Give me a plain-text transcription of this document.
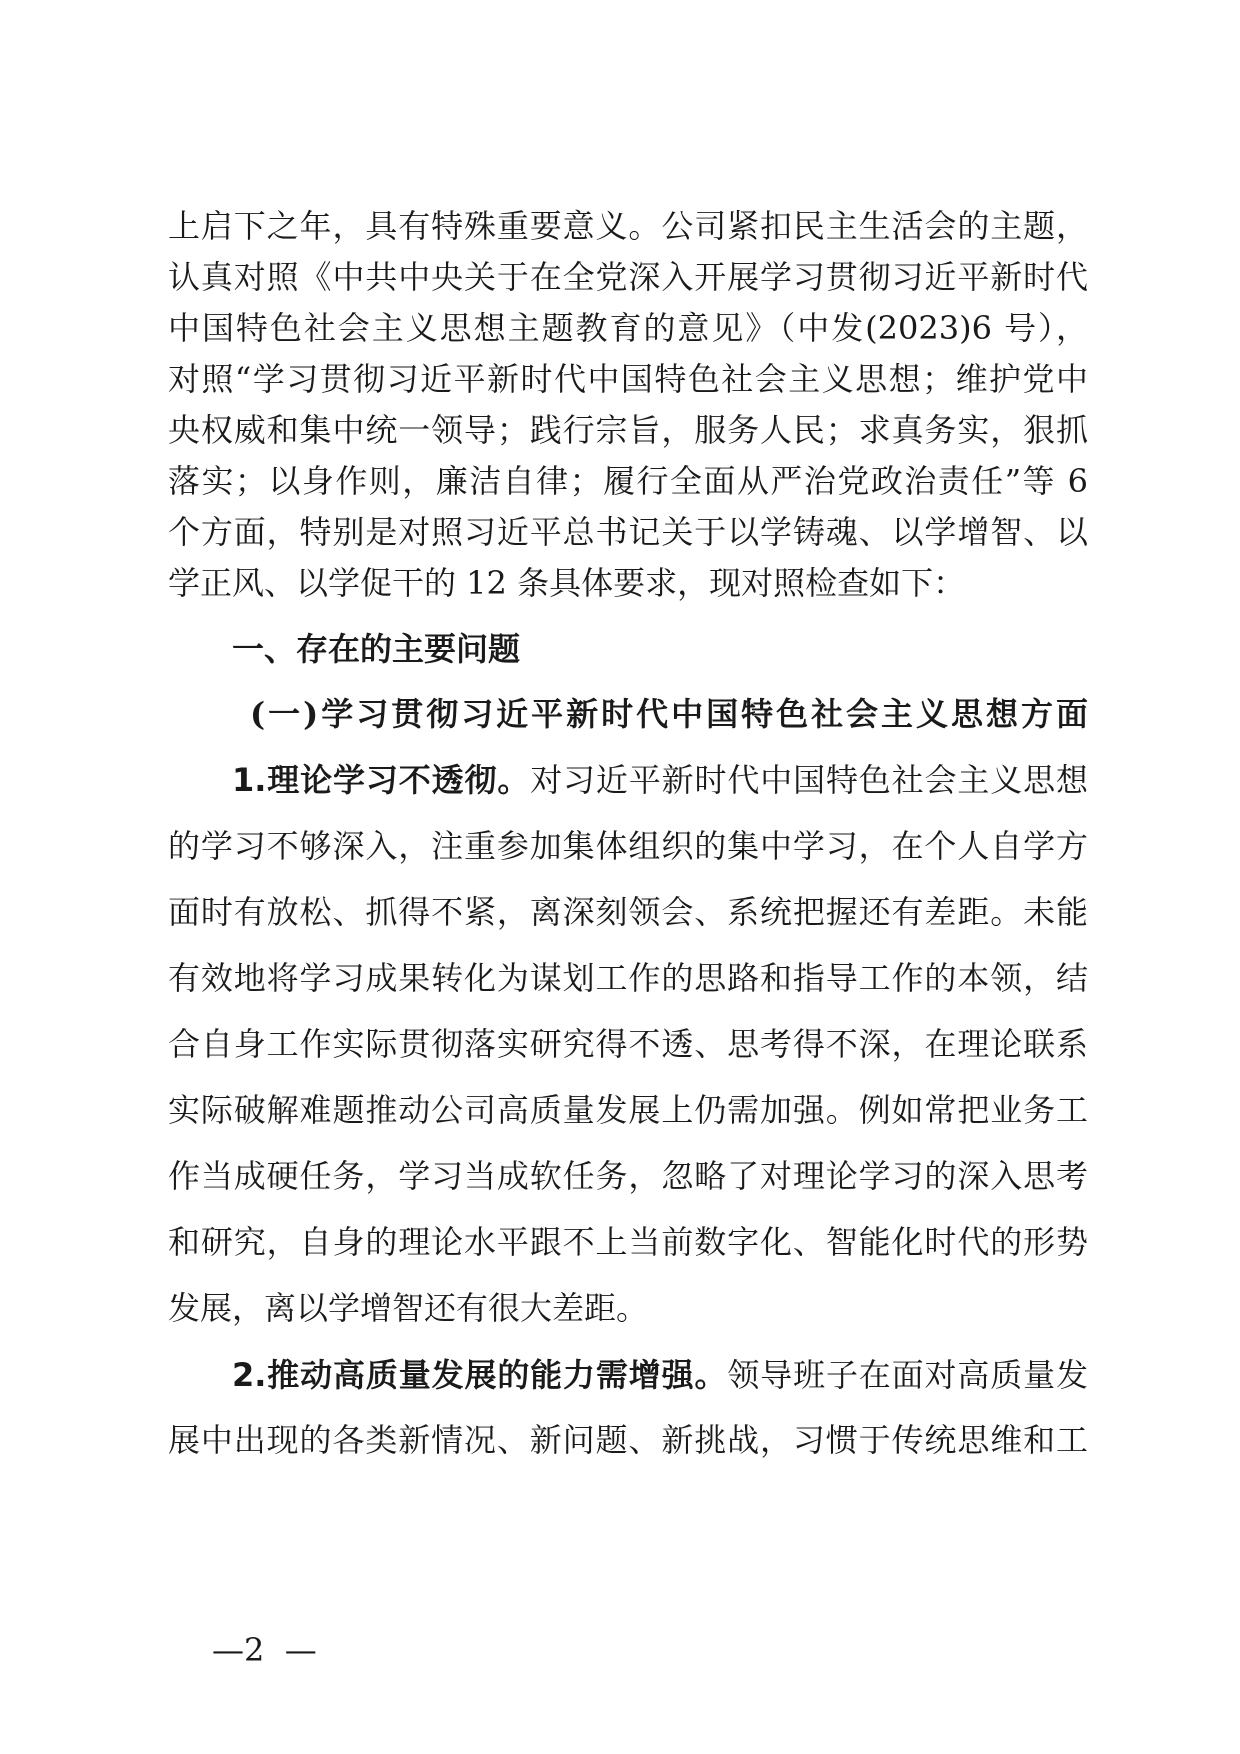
上启下之年，具有特殊重要意义。公司紧扣民主生活会的主题，
认真对照《中共中央关于在全党深入开展学习贯彻习近平新时代
中国特色社会主义思想主题教育的意见》（中发(2023)6 号），
对照“学习贯彻习近平新时代中国特色社会主义思想；维护党中
央权威和集中统一领导；践行宗旨，服务人民；求真务实，狠抓
落实；以身作则，廉洁自律；履行全面从严治党政治责任”等 6
个方面，特别是对照习近平总书记关于以学铸魂、以学增智、以
学正风、以学促干的 12 条具体要求，现对照检查如下：
一、存在的主要问题
(一)学习贯彻习近平新时代中国特色社会主义思想方面
1.理论学习不透彻。对习近平新时代中国特色社会主义思想
的学习不够深入，注重参加集体组织的集中学习，在个人自学方
面时有放松、抓得不紧，离深刻领会、系统把握还有差距。未能
有效地将学习成果转化为谋划工作的思路和指导工作的本领，结
合自身工作实际贯彻落实研究得不透、思考得不深，在理论联系
实际破解难题推动公司高质量发展上仍需加强。例如常把业务工
作当成硬任务，学习当成软任务，忽略了对理论学习的深入思考
和研究，自身的理论水平跟不上当前数字化、智能化时代的形势
发展，离以学增智还有很大差距。
2.推动高质量发展的能力需增强。领导班子在面对高质量发
展中出现的各类新情况、新问题、新挑战，习惯于传统思维和工
—2  —
